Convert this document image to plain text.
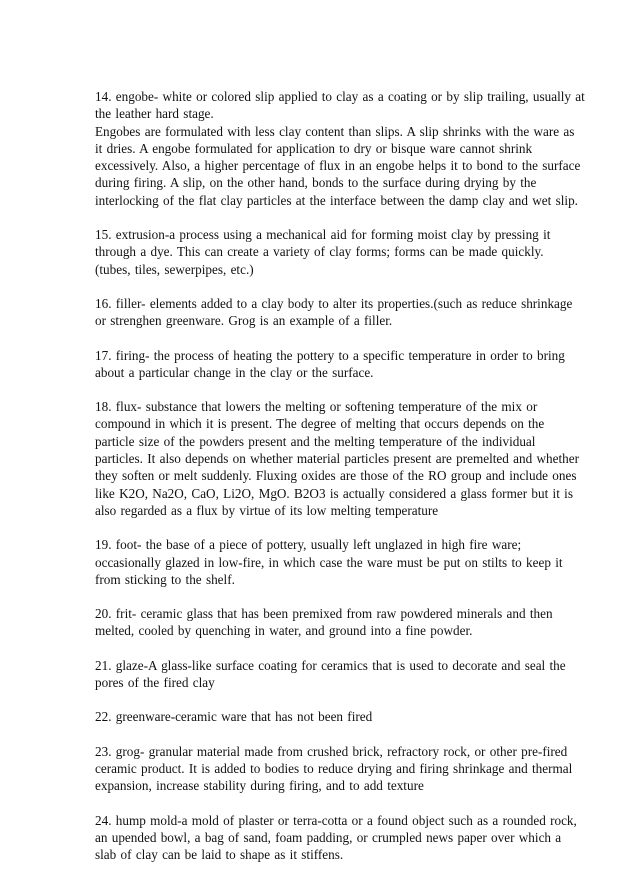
14. engobe- white or colored slip applied to clay as a coating or by slip trailing, usually at
the leather hard stage.
Engobes are formulated with less clay content than slips. A slip shrinks with the ware as
it dries. A engobe formulated for application to dry or bisque ware cannot shrink
excessively. Also, a higher percentage of flux in an engobe helps it to bond to the surface
during firing. A slip, on the other hand, bonds to the surface during drying by the
interlocking of the flat clay particles at the interface between the damp clay and wet slip.
15. extrusion-a process using a mechanical aid for forming moist clay by pressing it
through a dye. This can create a variety of clay forms; forms can be made quickly.
(tubes, tiles, sewerpipes, etc.)
16. filler- elements added to a clay body to alter its properties.(such as reduce shrinkage
or strenghen greenware. Grog is an example of a filler.
17. firing- the process of heating the pottery to a specific temperature in order to bring
about a particular change in the clay or the surface.
18. flux- substance that lowers the melting or softening temperature of the mix or
compound in which it is present. The degree of melting that occurs depends on the
particle size of the powders present and the melting temperature of the individual
particles. It also depends on whether material particles present are premelted and whether
they soften or melt suddenly. Fluxing oxides are those of the RO group and include ones
like K2O, Na2O, CaO, Li2O, MgO. B2O3 is actually considered a glass former but it is
also regarded as a flux by virtue of its low melting temperature
19. foot- the base of a piece of pottery, usually left unglazed in high fire ware;
occasionally glazed in low-fire, in which case the ware must be put on stilts to keep it
from sticking to the shelf.
20. frit- ceramic glass that has been premixed from raw powdered minerals and then
melted, cooled by quenching in water, and ground into a fine powder.
21. glaze-A glass-like surface coating for ceramics that is used to decorate and seal the
pores of the fired clay
22. greenware-ceramic ware that has not been fired
23. grog- granular material made from crushed brick, refractory rock, or other pre-fired
ceramic product. It is added to bodies to reduce drying and firing shrinkage and thermal
expansion, increase stability during firing, and to add texture
24. hump mold-a mold of plaster or terra-cotta or a found object such as a rounded rock,
an upended bowl, a bag of sand, foam padding, or crumpled news paper over which a
slab of clay can be laid to shape as it stiffens.
